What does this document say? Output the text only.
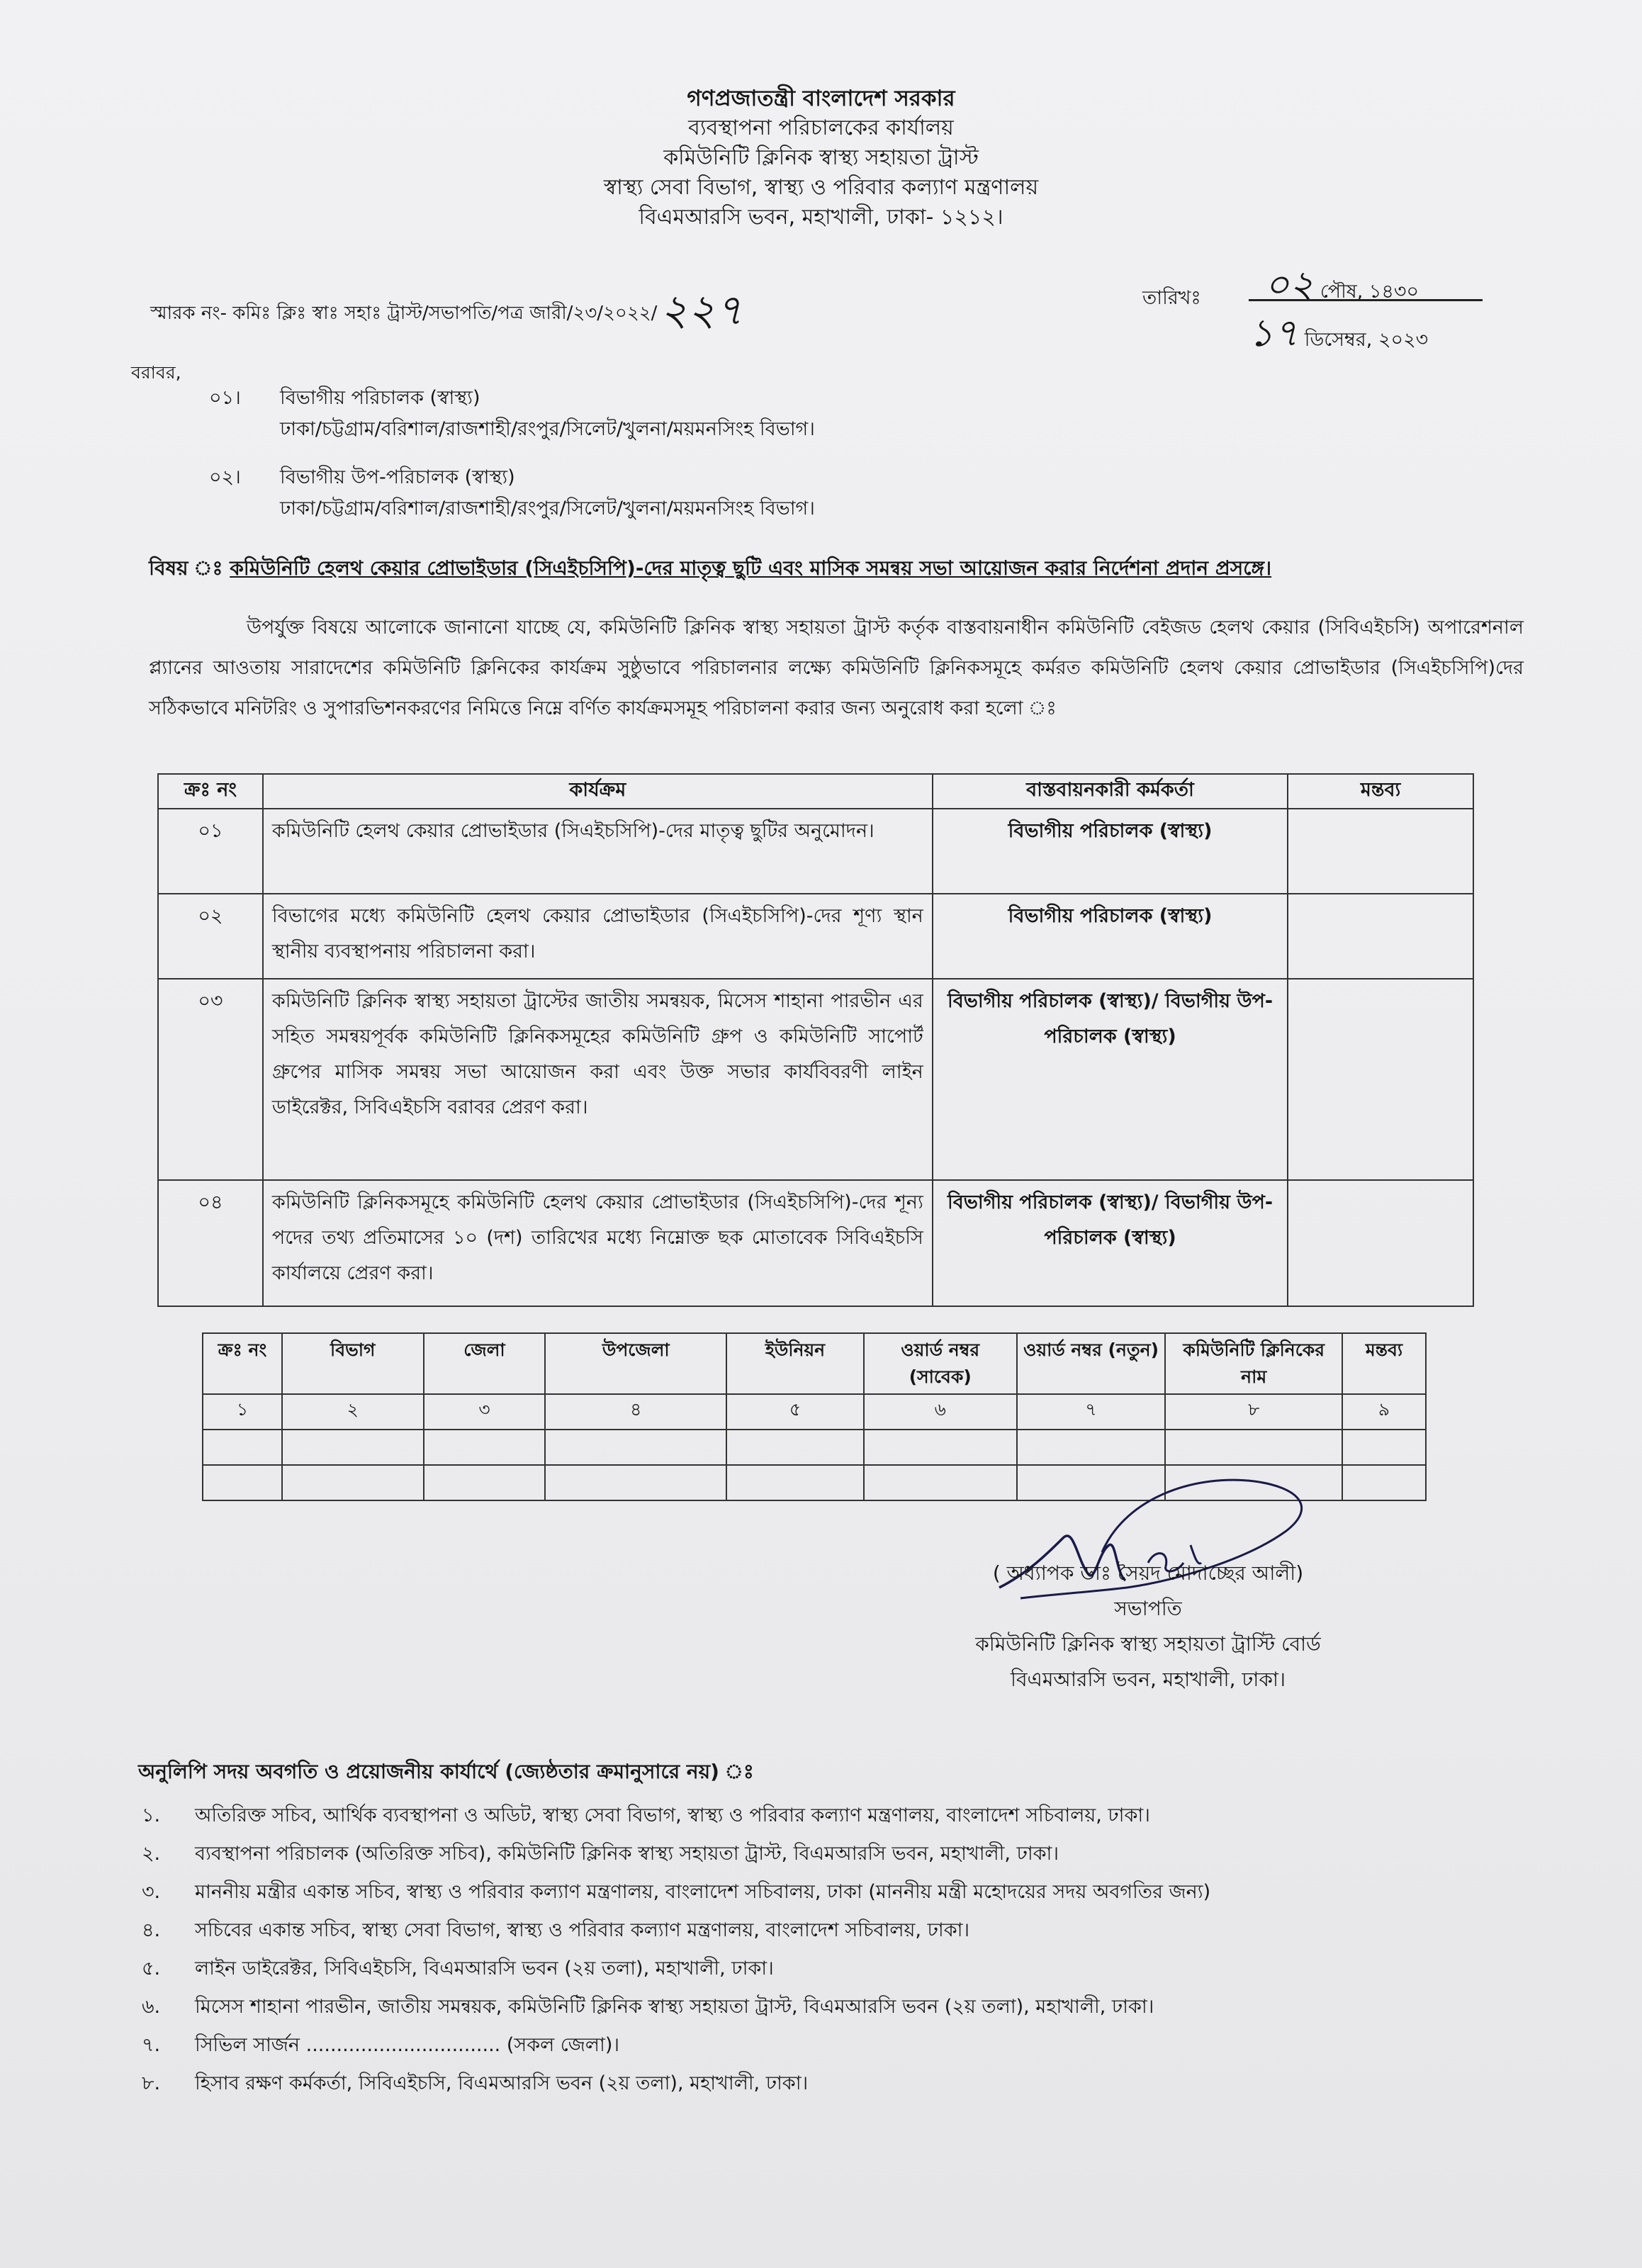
গণপ্রজাতন্ত্রী বাংলাদেশ সরকার
ব্যবস্থাপনা পরিচালকের কার্যালয়
কমিউনিটি ক্লিনিক স্বাস্থ্য সহায়তা ট্রাস্ট
স্বাস্থ্য সেবা বিভাগ, স্বাস্থ্য ও পরিবার কল্যাণ মন্ত্রণালয়
বিএমআরসি ভবন, মহাখালী, ঢাকা- ১২১২।
স্মারক নং- কমিঃ ক্লিঃ স্বাঃ সহাঃ ট্রাস্ট/সভাপতি/পত্র জারী/২৩/২০২২/২২৭	তারিখঃ ০২ পৌষ, ১৪৩০
১৭ ডিসেম্বর, ২০২৩
বরাবর,
০১। বিভাগীয় পরিচালক (স্বাস্থ্য)
ঢাকা/চট্টগ্রাম/বরিশাল/রাজশাহী/রংপুর/সিলেট/খুলনা/ময়মনসিংহ বিভাগ।
০২। বিভাগীয় উপ-পরিচালক (স্বাস্থ্য)
ঢাকা/চট্টগ্রাম/বরিশাল/রাজশাহী/রংপুর/সিলেট/খুলনা/ময়মনসিংহ বিভাগ।
বিষয় ঃ কমিউনিটি হেলথ কেয়ার প্রোভাইডার (সিএইচসিপি)-দের মাতৃত্ব ছুটি এবং মাসিক সমন্বয় সভা আয়োজন করার নির্দেশনা প্রদান প্রসঙ্গে।
উপর্যুক্ত বিষয়ে আলোকে জানানো যাচ্ছে যে, কমিউনিটি ক্লিনিক স্বাস্থ্য সহায়তা ট্রাস্ট কর্তৃক বাস্তবায়নাধীন কমিউনিটি বেইজড হেলথ কেয়ার (সিবিএইচসি) অপারেশনাল প্ল্যানের আওতায় সারাদেশের কমিউনিটি ক্লিনিকের কার্যক্রম সুষ্ঠুভাবে পরিচালনার লক্ষ্যে কমিউনিটি ক্লিনিকসমূহে কর্মরত কমিউনিটি হেলথ কেয়ার প্রোভাইডার (সিএইচসিপি)দের সঠিকভাবে মনিটরিং ও সুপারভিশনকরণের নিমিত্তে নিম্নে বর্ণিত কার্যক্রমসমূহ পরিচালনা করার জন্য অনুরোধ করা হলো ঃ
ক্রঃ নং	কার্যক্রম	বাস্তবায়নকারী কর্মকর্তা	মন্তব্য
০১	কমিউনিটি হেলথ কেয়ার প্রোভাইডার (সিএইচসিপি)-দের মাতৃত্ব ছুটির অনুমোদন।	বিভাগীয় পরিচালক (স্বাস্থ্য)	
০২	বিভাগের মধ্যে কমিউনিটি হেলথ কেয়ার প্রোভাইডার (সিএইচসিপি)-দের শূণ্য স্থান স্থানীয় ব্যবস্থাপনায় পরিচালনা করা।	বিভাগীয় পরিচালক (স্বাস্থ্য)	
০৩	কমিউনিটি ক্লিনিক স্বাস্থ্য সহায়তা ট্রাস্টের জাতীয় সমন্বয়ক, মিসেস শাহানা পারভীন এর সহিত সমন্বয়পূর্বক কমিউনিটি ক্লিনিকসমূহের কমিউনিটি গ্রুপ ও কমিউনিটি সাপোর্ট গ্রুপের মাসিক সমন্বয় সভা আয়োজন করা এবং উক্ত সভার কার্যবিবরণী লাইন ডাইরেক্টর, সিবিএইচসি বরাবর প্রেরণ করা।	বিভাগীয় পরিচালক (স্বাস্থ্য)/ বিভাগীয় উপ-পরিচালক (স্বাস্থ্য)	
০৪	কমিউনিটি ক্লিনিকসমূহে কমিউনিটি হেলথ কেয়ার প্রোভাইডার (সিএইচসিপি)-দের শূন্য পদের তথ্য প্রতিমাসের ১০ (দশ) তারিখের মধ্যে নিম্নোক্ত ছক মোতাবেক সিবিএইচসি কার্যালয়ে প্রেরণ করা।	বিভাগীয় পরিচালক (স্বাস্থ্য)/ বিভাগীয় উপ-পরিচালক (স্বাস্থ্য)	
ক্রঃ নং	বিভাগ	জেলা	উপজেলা	ইউনিয়ন	ওয়ার্ড নম্বর (সাবেক)	ওয়ার্ড নম্বর (নতুন)	কমিউনিটি ক্লিনিকের নাম	মন্তব্য
১	২	৩	৪	৫	৬	৭	৮	৯

( অধ্যাপক ডাঃ সৈয়দ মোদাচ্ছের আলী)
সভাপতি
কমিউনিটি ক্লিনিক স্বাস্থ্য সহায়তা ট্রাস্টি বোর্ড
বিএমআরসি ভবন, মহাখালী, ঢাকা।
অনুলিপি সদয় অবগতি ও প্রয়োজনীয় কার্যার্থে (জ্যেষ্ঠতার ক্রমানুসারে নয়) ঃ
১. অতিরিক্ত সচিব, আর্থিক ব্যবস্থাপনা ও অডিট, স্বাস্থ্য সেবা বিভাগ, স্বাস্থ্য ও পরিবার কল্যাণ মন্ত্রণালয়, বাংলাদেশ সচিবালয়, ঢাকা।
২. ব্যবস্থাপনা পরিচালক (অতিরিক্ত সচিব), কমিউনিটি ক্লিনিক স্বাস্থ্য সহায়তা ট্রাস্ট, বিএমআরসি ভবন, মহাখালী, ঢাকা।
৩. মাননীয় মন্ত্রীর একান্ত সচিব, স্বাস্থ্য ও পরিবার কল্যাণ মন্ত্রণালয়, বাংলাদেশ সচিবালয়, ঢাকা (মাননীয় মন্ত্রী মহোদয়ের সদয় অবগতির জন্য)
৪. সচিবের একান্ত সচিব, স্বাস্থ্য সেবা বিভাগ, স্বাস্থ্য ও পরিবার কল্যাণ মন্ত্রণালয়, বাংলাদেশ সচিবালয়, ঢাকা।
৫. লাইন ডাইরেক্টর, সিবিএইচসি, বিএমআরসি ভবন (২য় তলা), মহাখালী, ঢাকা।
৬. মিসেস শাহানা পারভীন, জাতীয় সমন্বয়ক, কমিউনিটি ক্লিনিক স্বাস্থ্য সহায়তা ট্রাস্ট, বিএমআরসি ভবন (২য় তলা), মহাখালী, ঢাকা।
৭. সিভিল সার্জন ................................ (সকল জেলা)।
৮. হিসাব রক্ষণ কর্মকর্তা, সিবিএইচসি, বিএমআরসি ভবন (২য় তলা), মহাখালী, ঢাকা।
